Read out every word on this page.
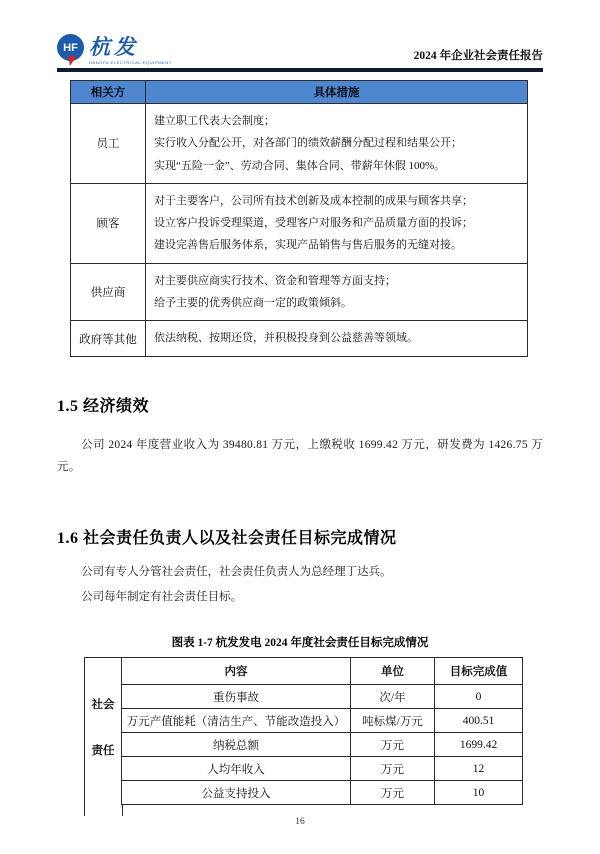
HF 杭发
HANGFA ELECTRICAL EQUIPMENT
2024 年企业社会责任报告
相关方	具体措施
员工	建立职工代表大会制度；

实行收入分配公开，对各部门的绩效薪酬分配过程和结果公开；

实现“五险一金”、劳动合同、集体合同、带薪年休假 100%。

顾客	对于主要客户，公司所有技术创新及成本控制的成果与顾客共享；

设立客户投诉受理渠道，受理客户对服务和产品质量方面的投诉；

建设完善售后服务体系，实现产品销售与售后服务的无缝对接。

供应商	对主要供应商实行技术、资金和管理等方面支持；

给予主要的优秀供应商一定的政策倾斜。

政府等其他	依法纳税、按期还贷，并积极投身到公益慈善等领域。

1.5 经济绩效
公司 2024 年度营业收入为 39480.81 万元，上缴税收 1699.42 万元，研发费为 1426.75 万元。
1.6 社会责任负责人以及社会责任目标完成情况
公司有专人分管社会责任，社会责任负责人为总经理丁达兵。
公司每年制定有社会责任目标。
图表 1-7 杭发发电 2024 年度社会责任目标完成情况
社会
责任	内容	单位	目标完成值
	重伤事故	次/年	0
	万元产值能耗（清洁生产、节能改造投入）	吨标煤/万元	400.51
	纳税总额	万元	1699.42
	人均年收入	万元	12
	公益支持投入	万元	10
16
